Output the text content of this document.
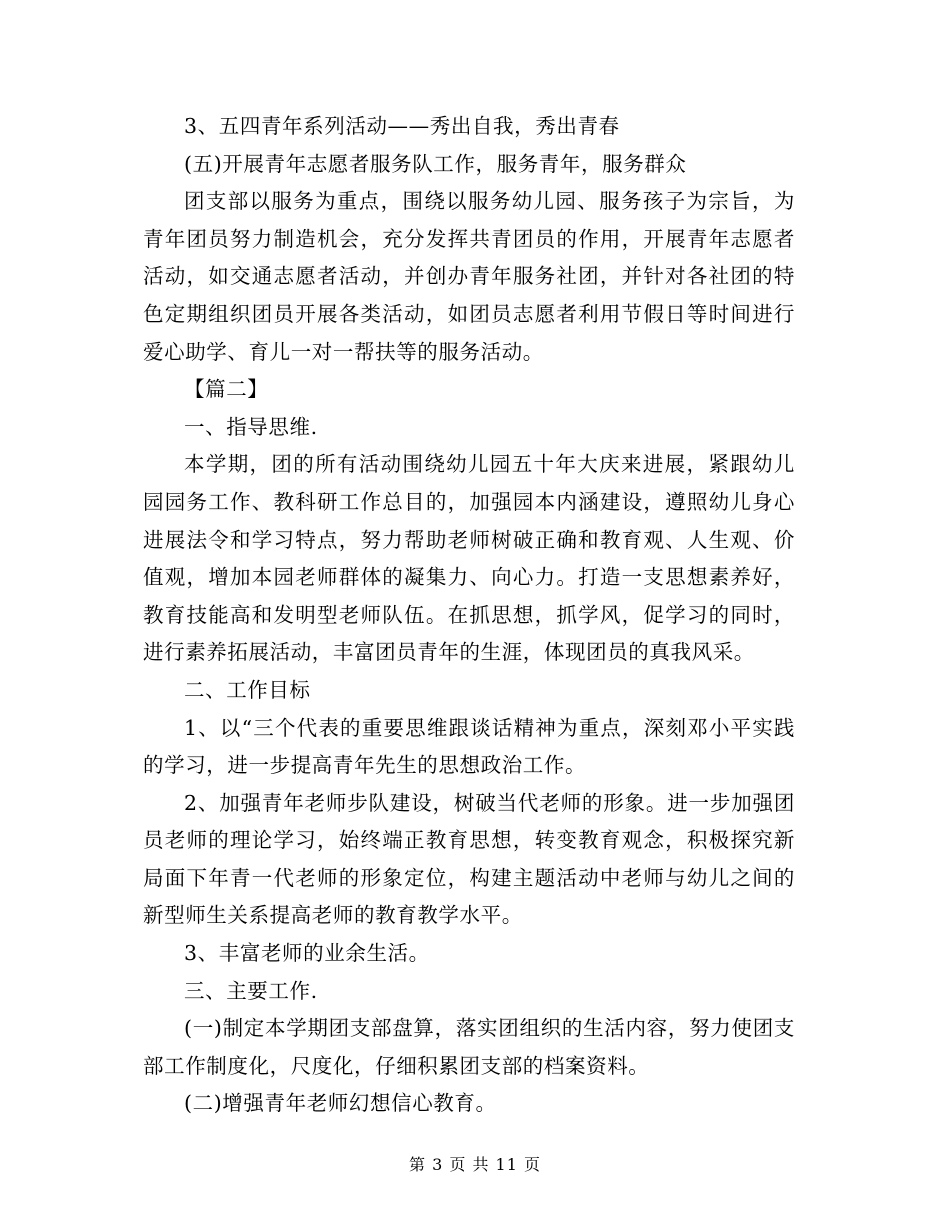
3、五四青年系列活动——秀出自我，秀出青春

(五)开展青年志愿者服务队工作，服务青年，服务群众

团支部以服务为重点，围绕以服务幼儿园、服务孩子为宗旨，为青年团员努力制造机会，充分发挥共青团员的作用，开展青年志愿者活动，如交通志愿者活动，并创办青年服务社团，并针对各社团的特色定期组织团员开展各类活动，如团员志愿者利用节假日等时间进行爱心助学、育儿一对一帮扶等的服务活动。

【篇二】

一、指导思维.

本学期，团的所有活动围绕幼儿园五十年大庆来进展，紧跟幼儿园园务工作、教科研工作总目的，加强园本内涵建设，遵照幼儿身心进展法令和学习特点，努力帮助老师树破正确和教育观、人生观、价值观，增加本园老师群体的凝集力、向心力。打造一支思想素养好，教育技能高和发明型老师队伍。在抓思想，抓学风，促学习的同时，进行素养拓展活动，丰富团员青年的生涯，体现团员的真我风采。

二、工作目标

1、以“三个代表的重要思维跟谈话精神为重点，深刻邓小平实践的学习，进一步提高青年先生的思想政治工作。

2、加强青年老师步队建设，树破当代老师的形象。进一步加强团员老师的理论学习，始终端正教育思想，转变教育观念，积极探究新局面下年青一代老师的形象定位，构建主题活动中老师与幼儿之间的新型师生关系提高老师的教育教学水平。

3、丰富老师的业余生活。

三、主要工作.

(一)制定本学期团支部盘算，落实团组织的生活内容，努力使团支部工作制度化，尺度化，仔细积累团支部的档案资料。

(二)增强青年老师幻想信心教育。

第 3 页 共 11 页
